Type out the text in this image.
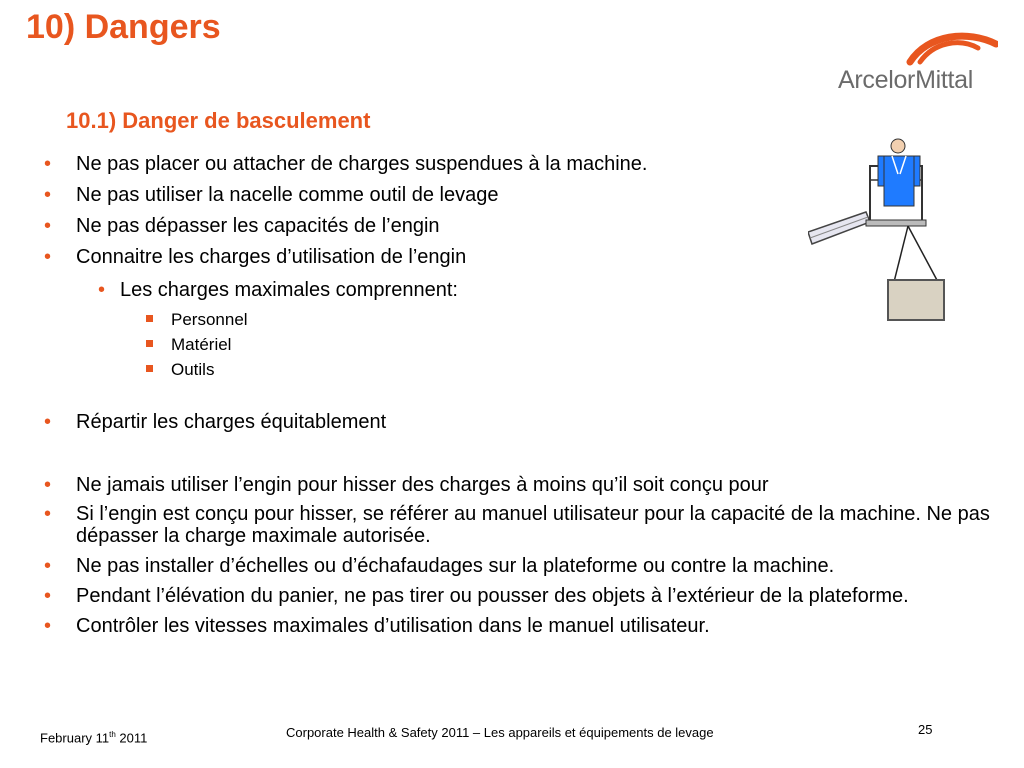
10) Dangers
ArcelorMittal
10.1) Danger de basculement
• Ne pas placer ou attacher de charges suspendues à la machine.
• Ne pas utiliser la nacelle comme outil de levage
• Ne pas dépasser les capacités de l’engin
• Connaitre les charges d’utilisation de l’engin
• Les charges maximales comprennent:
Personnel
Matériel
Outils
• Répartir les charges équitablement
• Ne jamais utiliser l’engin pour hisser des charges à moins qu’il soit conçu pour
• Si l’engin est conçu pour hisser, se référer au manuel utilisateur pour la capacité de la machine. Ne pas dépasser la charge maximale autorisée.
• Ne pas installer d’échelles ou d’échafaudages sur la plateforme ou contre la machine.
• Pendant l’élévation du panier, ne pas tirer ou pousser des objets à l’extérieur de la plateforme.
• Contrôler les vitesses maximales d’utilisation dans le manuel utilisateur.
February 11th 2011	Corporate Health & Safety 2011 – Les appareils et équipements de levage	25
